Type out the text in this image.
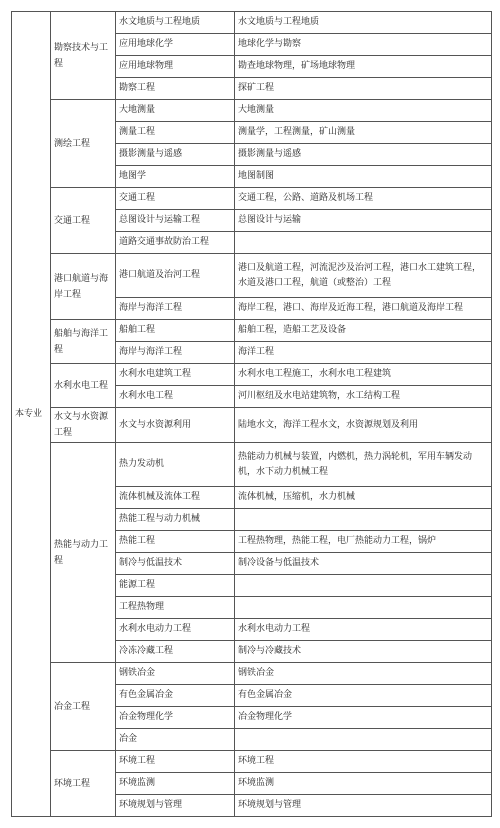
本专业	勘察技术与工程	水文地质与工程地质	水文地质与工程地质
		应用地球化学	地球化学与勘察
		应用地球物理	勘查地球物理，矿场地球物理
		勘察工程	探矿工程
	测绘工程	大地测量	大地测量
		测量工程	测量学，工程测量，矿山测量
		摄影测量与遥感	摄影测量与遥感
		地图学	地图制图
	交通工程	交通工程	交通工程，公路、道路及机场工程
		总图设计与运输工程	总图设计与运输
		道路交通事故防治工程	
	港口航道与海岸工程	港口航道及治河工程	港口及航道工程，河流泥沙及治河工程，港口水工建筑工程，水道及港口工程，航道（或整治）工程
		海岸与海洋工程	海岸工程，港口、海岸及近海工程，港口航道及海岸工程
	船舶与海洋工程	船舶工程	船舶工程，造船工艺及设备
		海岸与海洋工程	海洋工程
	水利水电工程	水利水电建筑工程	水利水电工程施工，水利水电工程建筑
		水利水电工程	河川枢纽及水电站建筑物，水工结构工程
	水文与水资源工程	水文与水资源利用	陆地水文，海洋工程水文，水资源规划及利用
	热能与动力工程	热力发动机	热能动力机械与装置，内燃机，热力涡轮机，军用车辆发动机，水下动力机械工程
		流体机械及流体工程	流体机械，压缩机，水力机械
		热能工程与动力机械	
		热能工程	工程热物理，热能工程，电厂热能动力工程，锅炉
		制冷与低温技术	制冷设备与低温技术
		能源工程	
		工程热物理	
		水利水电动力工程	水利水电动力工程
		冷冻冷藏工程	制冷与冷藏技术
	冶金工程	钢铁冶金	钢铁冶金
		有色金属冶金	有色金属冶金
		冶金物理化学	冶金物理化学
		冶金	
	环境工程	环境工程	环境工程
		环境监测	环境监测
		环境规划与管理	环境规划与管理
